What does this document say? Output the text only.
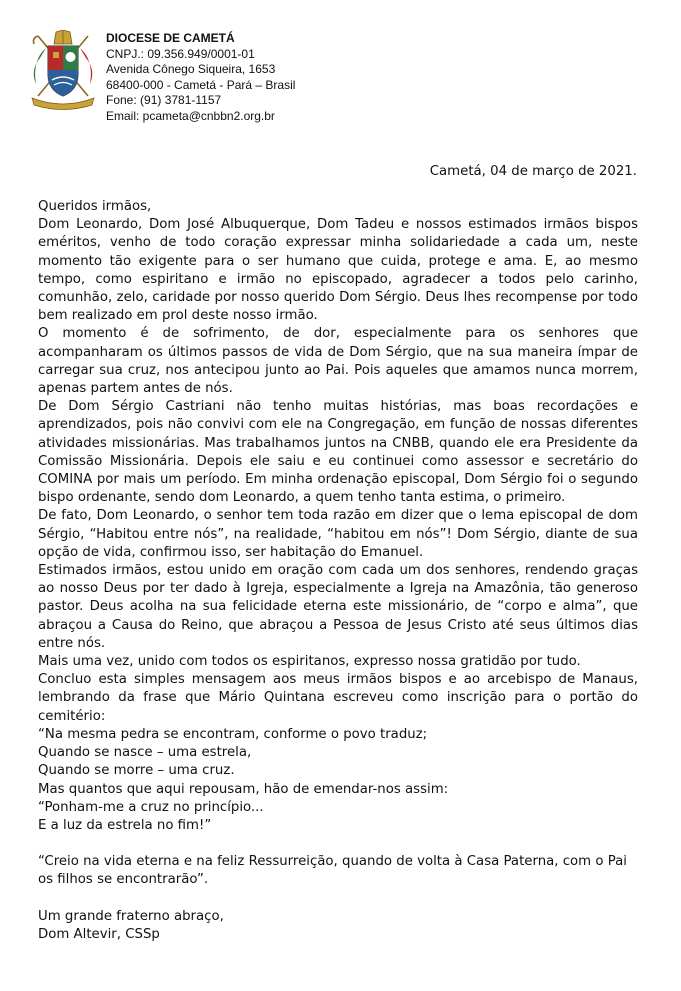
DIOCESE DE CAMETÁ
CNPJ.: 09.356.949/0001-01
Avenida Cônego Siqueira, 1653
68400-000 - Cametá - Pará – Brasil
Fone: (91) 3781-1157
Email: pcameta@cnbbn2.org.br
Cametá, 04 de março de 2021.

Queridos irmãos,

Dom Leonardo, Dom José Albuquerque, Dom Tadeu e nossos estimados irmãos bispos eméritos, venho de todo coração expressar minha solidariedade a cada um, neste momento tão exigente para o ser humano que cuida, protege e ama. E, ao mesmo tempo, como espiritano e irmão no episcopado, agradecer a todos pelo carinho, comunhão, zelo, caridade por nosso querido Dom Sérgio. Deus lhes recompense por todo bem realizado em prol deste nosso irmão.

O momento é de sofrimento, de dor, especialmente para os senhores que acompanharam os últimos passos de vida de Dom Sérgio, que na sua maneira ímpar de carregar sua cruz, nos antecipou junto ao Pai. Pois aqueles que amamos nunca morrem, apenas partem antes de nós.

De Dom Sérgio Castriani não tenho muitas histórias, mas boas recordações e aprendizados, pois não convivi com ele na Congregação, em função de nossas diferentes atividades missionárias. Mas trabalhamos juntos na CNBB, quando ele era Presidente da Comissão Missionária. Depois ele saiu e eu continuei como assessor e secretário do COMINA por mais um período. Em minha ordenação episcopal, Dom Sérgio foi o segundo bispo ordenante, sendo dom Leonardo, a quem tenho tanta estima, o primeiro.

De fato, Dom Leonardo, o senhor tem toda razão em dizer que o lema episcopal de dom Sérgio, “Habitou entre nós”, na realidade, “habitou em nós”! Dom Sérgio, diante de sua opção de vida, confirmou isso, ser habitação do Emanuel.

Estimados irmãos, estou unido em oração com cada um dos senhores, rendendo graças ao nosso Deus por ter dado à Igreja, especialmente a Igreja na Amazônia, tão generoso pastor. Deus acolha na sua felicidade eterna este missionário, de “corpo e alma”, que abraçou a Causa do Reino, que abraçou a Pessoa de Jesus Cristo até seus últimos dias entre nós.

Mais uma vez, unido com todos os espiritanos, expresso nossa gratidão por tudo.

Concluo esta simples mensagem aos meus irmãos bispos e ao arcebispo de Manaus, lembrando da frase que Mário Quintana escreveu como inscrição para o portão do cemitério:

“Na mesma pedra se encontram, conforme o povo traduz;

Quando se nasce – uma estrela,

Quando se morre – uma cruz.

Mas quantos que aqui repousam, hão de emendar-nos assim:

“Ponham-me a cruz no princípio...

E a luz da estrela no fim!”

“Creio na vida eterna e na feliz Ressurreição, quando de volta à Casa Paterna, com o Pai os filhos se encontrarão”.

Um grande fraterno abraço,

Dom Altevir, CSSp
